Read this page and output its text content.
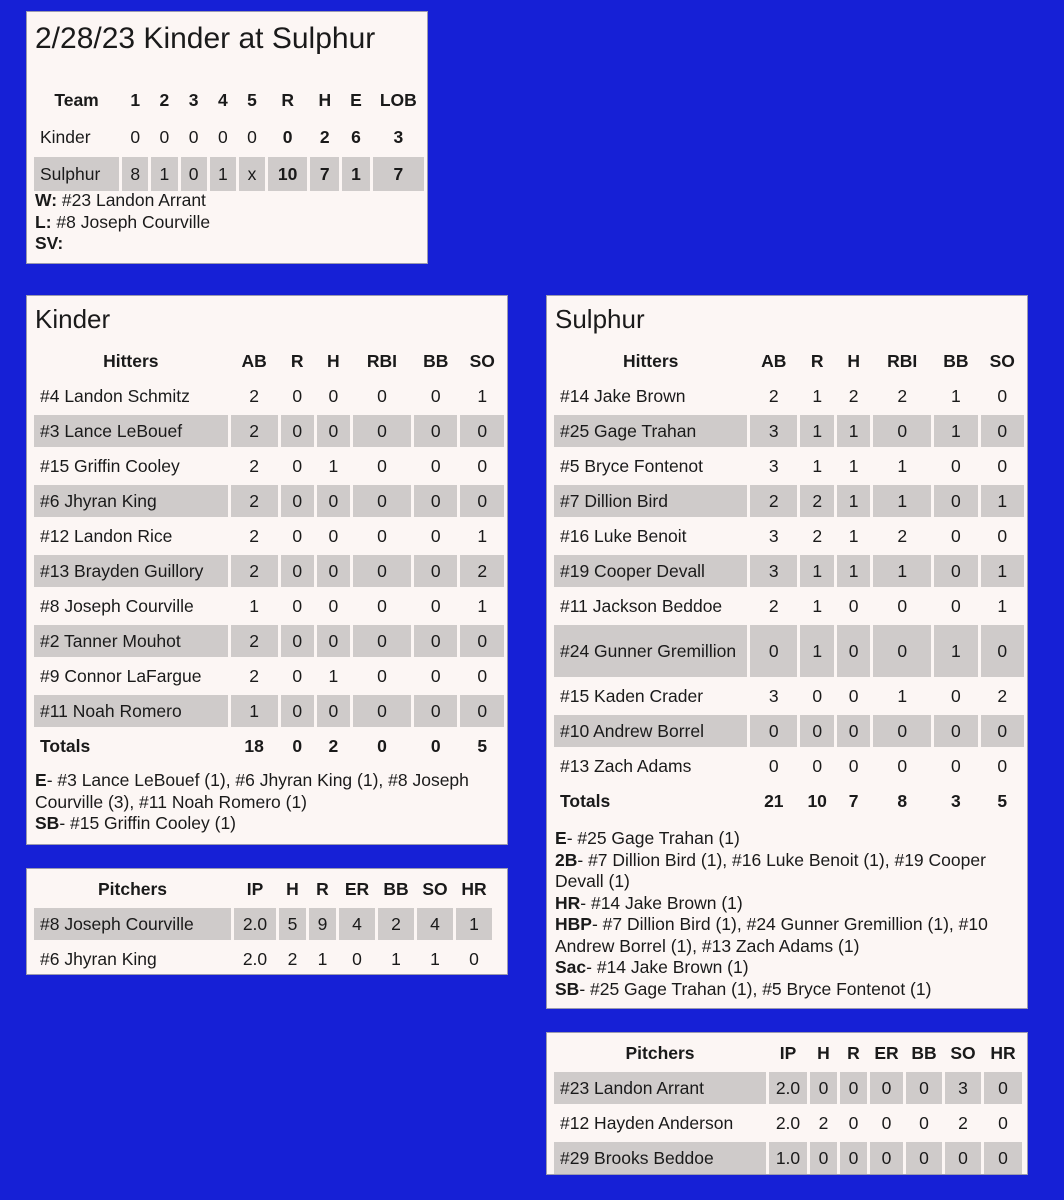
2/28/23 Kinder at Sulphur
Team	1	2	3	4	5	R	H	E	LOB
Kinder	0	0	0	0	0	0	2	6	3
Sulphur	8	1	0	1	x	10	7	1	7
W: #23 Landon Arrant
L: #8 Joseph Courville
SV:
Kinder
Hitters	AB	R	H	RBI	BB	SO
#4 Landon Schmitz	2	0	0	0	0	1
#3 Lance LeBouef	2	0	0	0	0	0
#15 Griffin Cooley	2	0	1	0	0	0
#6 Jhyran King	2	0	0	0	0	0
#12 Landon Rice	2	0	0	0	0	1
#13 Brayden Guillory	2	0	0	0	0	2
#8 Joseph Courville	1	0	0	0	0	1
#2 Tanner Mouhot	2	0	0	0	0	0
#9 Connor LaFargue	2	0	1	0	0	0
#11 Noah Romero	1	0	0	0	0	0
Totals	18	0	2	0	0	5
E- #3 Lance LeBouef (1), #6 Jhyran King (1), #8 Joseph Courville (3), #11 Noah Romero (1)
SB- #15 Griffin Cooley (1)
Pitchers	IP	H	R	ER	BB	SO	HR
#8 Joseph Courville	2.0	5	9	4	2	4	1
#6 Jhyran King	2.0	2	1	0	1	1	0
Sulphur
Hitters	AB	R	H	RBI	BB	SO
#14 Jake Brown	2	1	2	2	1	0
#25 Gage Trahan	3	1	1	0	1	0
#5 Bryce Fontenot	3	1	1	1	0	0
#7 Dillion Bird	2	2	1	1	0	1
#16 Luke Benoit	3	2	1	2	0	0
#19 Cooper Devall	3	1	1	1	0	1
#11 Jackson Beddoe	2	1	0	0	0	1
#24 Gunner Gremillion	0	1	0	0	1	0
#15 Kaden Crader	3	0	0	1	0	2
#10 Andrew Borrel	0	0	0	0	0	0
#13 Zach Adams	0	0	0	0	0	0
Totals	21	10	7	8	3	5
E- #25 Gage Trahan (1)
2B- #7 Dillion Bird (1), #16 Luke Benoit (1), #19 Cooper Devall (1)
HR- #14 Jake Brown (1)
HBP- #7 Dillion Bird (1), #24 Gunner Gremillion (1), #10 Andrew Borrel (1), #13 Zach Adams (1)
Sac- #14 Jake Brown (1)
SB- #25 Gage Trahan (1), #5 Bryce Fontenot (1)
Pitchers	IP	H	R	ER	BB	SO	HR
#23 Landon Arrant	2.0	0	0	0	0	3	0
#12 Hayden Anderson	2.0	2	0	0	0	2	0
#29 Brooks Beddoe	1.0	0	0	0	0	0	0
